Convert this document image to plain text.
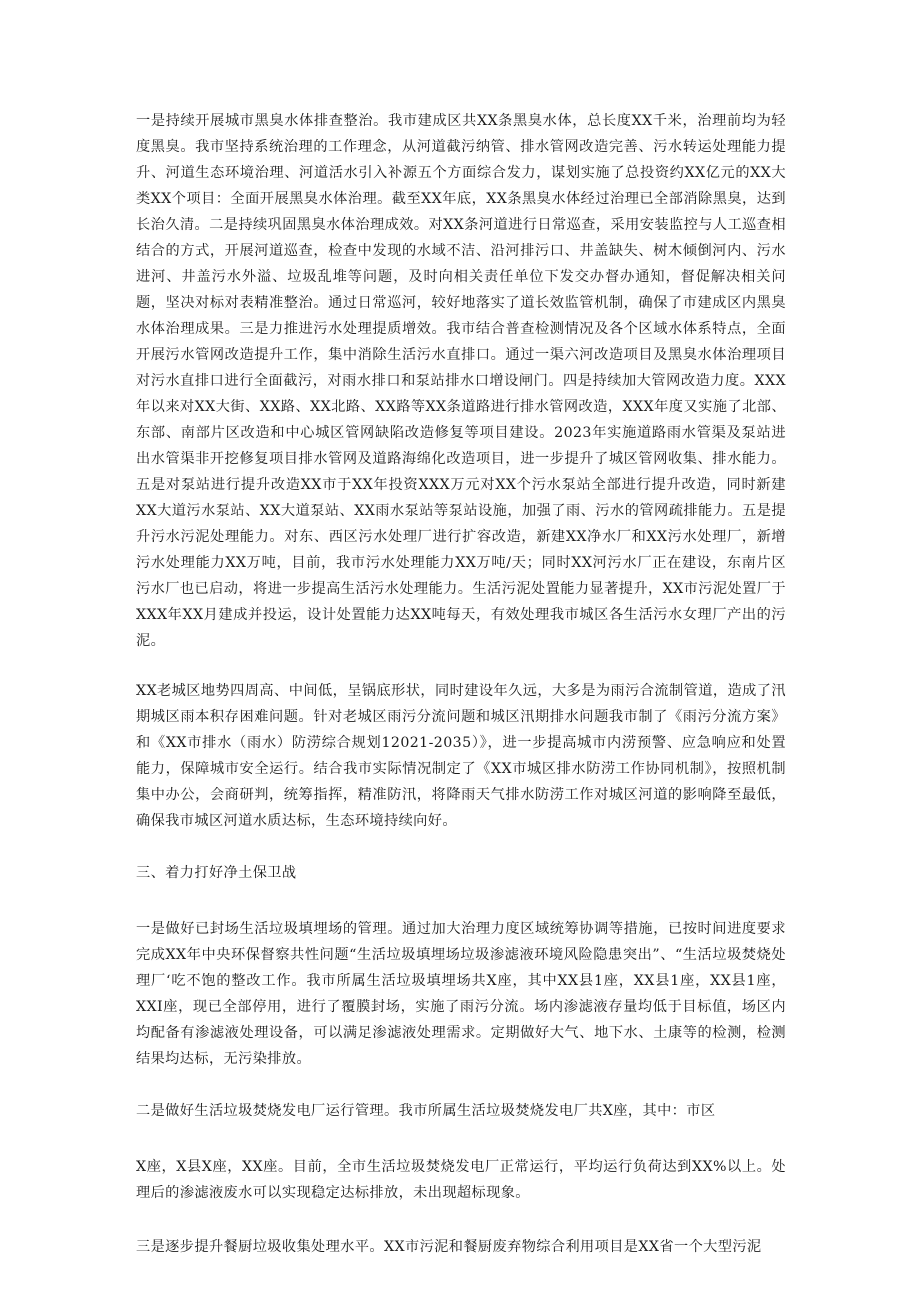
一是持续开展城市黑臭水体排查整治。我市建成区共XX条黑臭水体，总长度XX千米，治理前均为轻度黑臭。我市坚持系统治理的工作理念，从河道截污纳管、排水管网改造完善、污水转运处理能力提升、河道生态环境治理、河道活水引入补源五个方面综合发力，谋划实施了总投资约XX亿元的XX大类XX个项目：全面开展黑臭水体治理。截至XX年底，XX条黑臭水体经过治理已全部消除黑臭，达到长治久清。二是持续巩固黑臭水体治理成效。对XX条河道进行日常巡查，采用安装监控与人工巡查相结合的方式，开展河道巡查，检查中发现的水域不洁、沿河排污口、井盖缺失、树木倾倒河内、污水进河、井盖污水外溢、垃圾乱堆等问题，及时向相关责任单位下发交办督办通知，督促解决相关问题，坚决对标对表精准整治。通过日常巡河，较好地落实了道长效监管机制，确保了市建成区内黑臭水体治理成果。三是力推进污水处理提质增效。我市结合普查检测情况及各个区域水体系特点，全面开展污水管网改造提升工作，集中消除生活污水直排口。通过一渠六河改造项目及黑臭水体治理项目对污水直排口进行全面截污，对雨水排口和泵站排水口增设闸门。四是持续加大管网改造力度。XXX年以来对XX大街、XX路、XX北路、XX路等XX条道路进行排水管网改造，XXX年度又实施了北部、东部、南部片区改造和中心城区管网缺陷改造修复等项目建设。2023年实施道路雨水管渠及泵站进出水管渠非开挖修复项目排水管网及道路海绵化改造项目，进一步提升了城区管网收集、排水能力。五是对泵站进行提升改造XX市于XX年投资XXX万元对XX个污水泵站全部进行提升改造，同时新建XX大道污水泵站、XX大道泵站、XX雨水泵站等泵站设施，加强了雨、污水的管网疏排能力。五是提升污水污泥处理能力。对东、西区污水处理厂进行扩容改造，新建XX净水厂和XX污水处理厂，新增污水处理能力XX万吨，目前，我市污水处理能力XX万吨/天；同时XX河污水厂正在建设，东南片区污水厂也已启动，将进一步提高生活污水处理能力。生活污泥处置能力显著提升，XX市污泥处置厂于XXX年XX月建成并投运，设计处置能力达XX吨每天，有效处理我市城区各生活污水女理厂产出的污泥。

XX老城区地势四周高、中间低，呈锅底形状，同时建设年久远，大多是为雨污合流制管道，造成了汛期城区雨本积存困难问题。针对老城区雨污分流问题和城区汛期排水问题我市制了《雨污分流方案》和《XX市排水（雨水）防涝综合规划12021-2035）》，进一步提高城市内涝预警、应急响应和处置能力，保障城市安全运行。结合我市实际情况制定了《XX市城区排水防涝工作协同机制》，按照机制集中办公，会商研判，统筹指挥，精准防汛，将降雨天气排水防涝工作对城区河道的影响降至最低，确保我市城区河道水质达标，生态环境持续向好。

三、着力打好净土保卫战

一是做好已封场生活垃圾填埋场的管理。通过加大治理力度区域统筹协调等措施，已按时间进度要求完成XX年中央环保督察共性问题“生活垃圾填埋场垃圾渗滤液环境风险隐患突出”、“生活垃圾焚烧处理厂‘吃不饱的整改工作。我市所属生活垃圾填埋场共X座，其中XX县1座，XX县1座，XX县1座，XXI座，现已全部停用，进行了覆膜封场，实施了雨污分流。场内渗滤液存量均低于目标值，场区内均配备有渗滤液处理设备，可以满足渗滤液处理需求。定期做好大气、地下水、土康等的检测，检测结果均达标，无污染排放。

二是做好生活垃圾焚烧发电厂运行管理。我市所属生活垃圾焚烧发电厂共X座，其中：市区

X座，X县X座，XX座。目前，全市生活垃圾焚烧发电厂正常运行，平均运行负荷达到XX%以上。处理后的渗滤液废水可以实现稳定达标排放，未出现超标现象。

三是逐步提升餐厨垃圾收集处理水平。XX市污泥和餐厨废弃物综合利用项目是XX省一个大型污泥
